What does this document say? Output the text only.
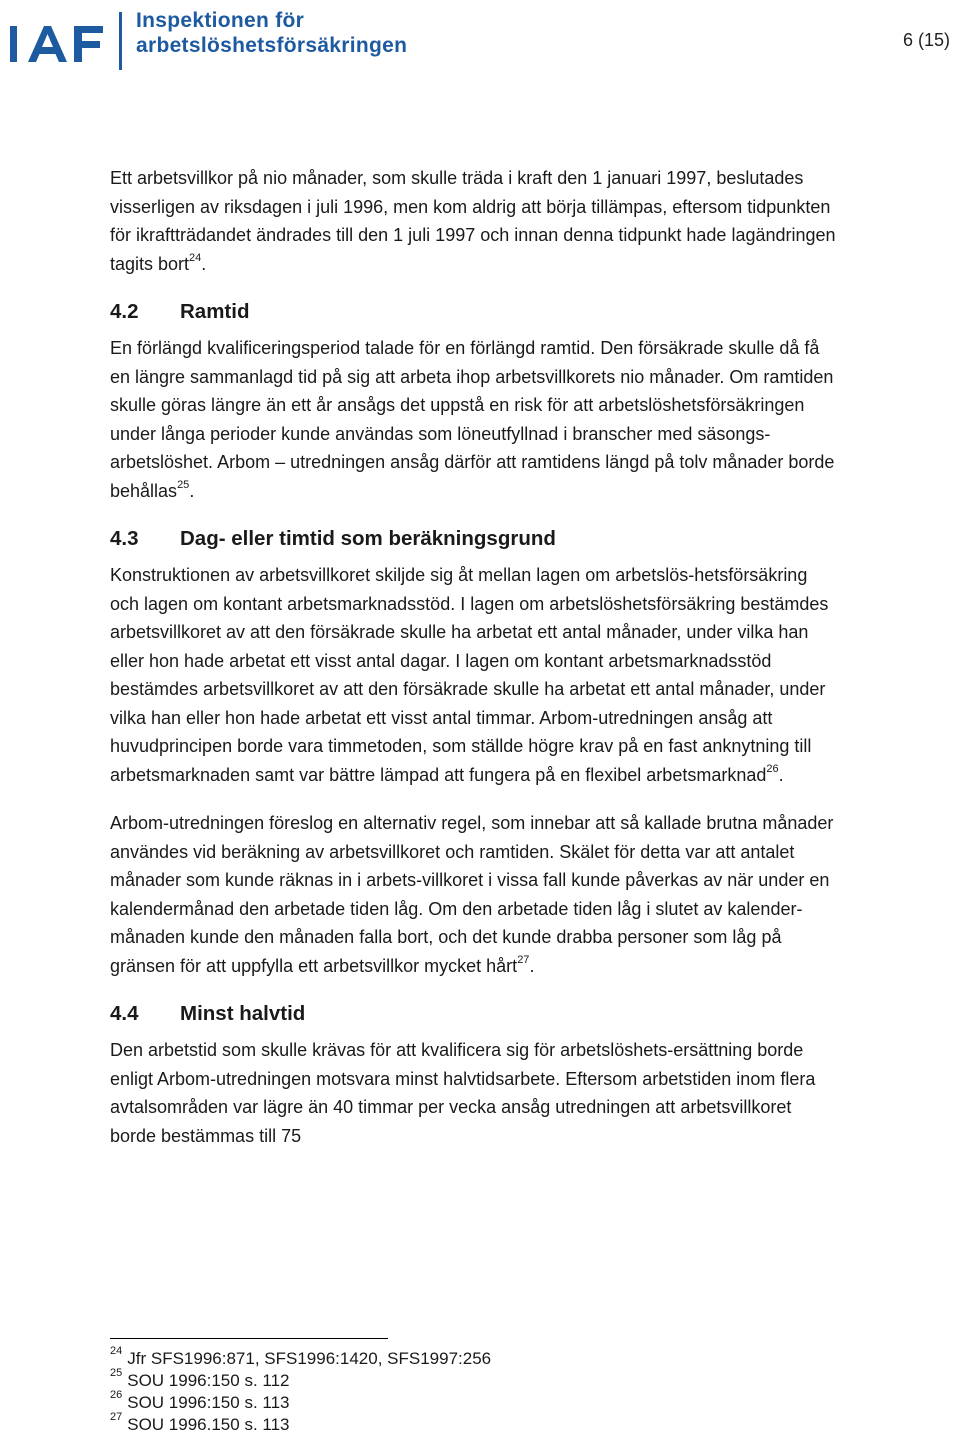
Inspektionen för
arbetslöshetsförsäkringen	6 (15)

Ett arbetsvillkor på nio månader, som skulle träda i kraft den 1 januari 1997, beslutades visserligen av riksdagen i juli 1996, men kom aldrig att börja tillämpas, eftersom tidpunkten för ikraftträdandet ändrades till den 1 juli 1997 och innan denna tidpunkt hade lagändringen tagits bort$^{24}$.

4.2 Ramtid

En förlängd kvalificeringsperiod talade för en förlängd ramtid. Den försäkrade skulle då få en längre sammanlagd tid på sig att arbeta ihop arbetsvillkorets nio månader. Om ramtiden skulle göras längre än ett år ansågs det uppstå en risk för att arbetslöshetsförsäkringen under långa perioder kunde användas som löneutfyllnad i branscher med säsongs-arbetslöshet. Arbom – utredningen ansåg därför att ramtidens längd på tolv månader borde behållas$^{25}$.

4.3 Dag- eller timtid som beräkningsgrund

Konstruktionen av arbetsvillkoret skiljde sig åt mellan lagen om arbetslös-hetsförsäkring och lagen om kontant arbetsmarknadsstöd. I lagen om arbetslöshetsförsäkring bestämdes arbetsvillkoret av att den försäkrade skulle ha arbetat ett antal månader, under vilka han eller hon hade arbetat ett visst antal dagar. I lagen om kontant arbetsmarknadsstöd bestämdes arbetsvillkoret av att den försäkrade skulle ha arbetat ett antal månader, under vilka han eller hon hade arbetat ett visst antal timmar. Arbom-utredningen ansåg att huvudprincipen borde vara timmetoden, som ställde högre krav på en fast anknytning till arbetsmarknaden samt var bättre lämpad att fungera på en flexibel arbetsmarknad$^{26}$.

Arbom-utredningen föreslog en alternativ regel, som innebar att så kallade brutna månader användes vid beräkning av arbetsvillkoret och ramtiden. Skälet för detta var att antalet månader som kunde räknas in i arbets-villkoret i vissa fall kunde påverkas av när under en kalendermånad den arbetade tiden låg. Om den arbetade tiden låg i slutet av kalender-månaden kunde den månaden falla bort, och det kunde drabba personer som låg på gränsen för att uppfylla ett arbetsvillkor mycket hårt$^{27}$.

4.4 Minst halvtid

Den arbetstid som skulle krävas för att kvalificera sig för arbetslöshets-ersättning borde enligt Arbom-utredningen motsvara minst halvtidsarbete. Eftersom arbetstiden inom flera avtalsområden var lägre än 40 timmar per vecka ansåg utredningen att arbetsvillkoret borde bestämmas till 75

$^{24}$ Jfr SFS1996:871, SFS1996:1420, SFS1997:256
$^{25}$ SOU 1996:150 s. 112
$^{26}$ SOU 1996:150 s. 113
$^{27}$ SOU 1996.150 s. 113
